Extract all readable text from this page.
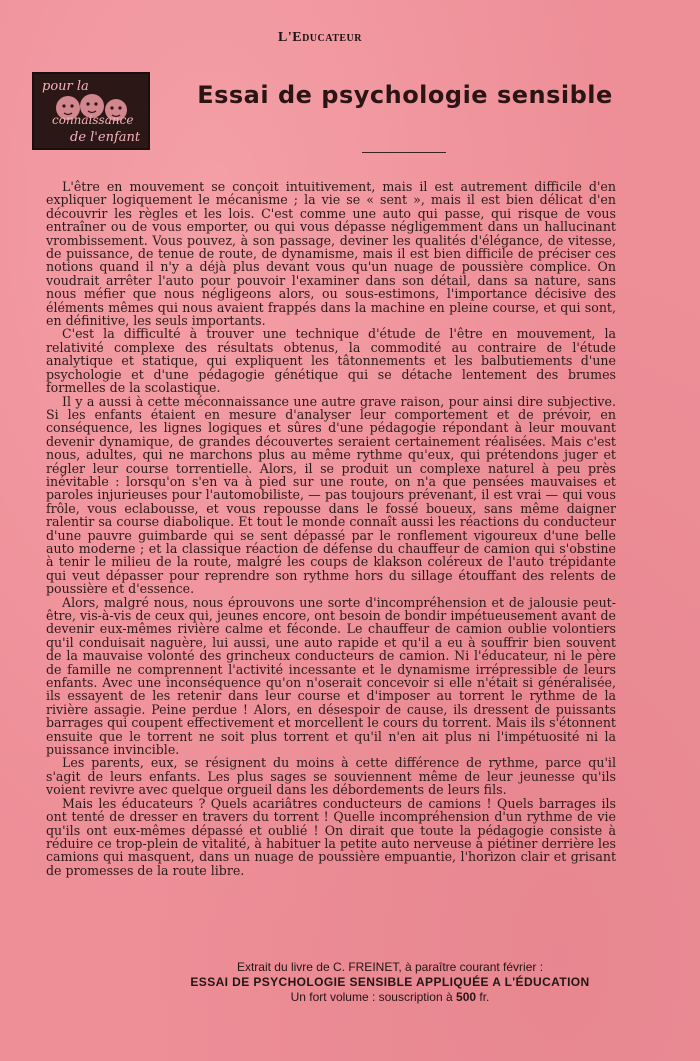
L'Educateur
pour la
connaissance
de l'enfant
Essai de psychologie sensible

L'être en mouvement se conçoit intuitivement, mais il est autrement difficile d'en expliquer logiquement le mécanisme ; la vie se « sent », mais il est bien délicat d'en découvrir les règles et les lois. C'est comme une auto qui passe, qui risque de vous entraîner ou de vous emporter, ou qui vous dépasse négligemment dans un hallucinant vrombissement. Vous pouvez, à son passage, deviner les qualités d'élégance, de vitesse, de puissance, de tenue de route, de dynamisme, mais il est bien difficile de préciser ces notions quand il n'y a déjà plus devant vous qu'un nuage de poussière complice. On voudrait arrêter l'auto pour pouvoir l'examiner dans son détail, dans sa nature, sans nous méfier que nous négligeons alors, ou sous-estimons, l'importance décisive des éléments mêmes qui nous avaient frappés dans la machine en pleine course, et qui sont, en définitive, les seuls importants.

C'est la difficulté à trouver une technique d'étude de l'être en mouvement, la relativité complexe des résultats obtenus, la commodité au contraire de l'étude analytique et statique, qui expliquent les tâtonnements et les balbutiements d'une psychologie et d'une pédagogie génétique qui se détache lentement des brumes formelles de la scolastique.

Il y a aussi à cette méconnaissance une autre grave raison, pour ainsi dire subjective. Si les enfants étaient en mesure d'analyser leur comportement et de prévoir, en conséquence, les lignes logiques et sûres d'une pédagogie répondant à leur mouvant devenir dynamique, de grandes découvertes seraient certainement réalisées. Mais c'est nous, adultes, qui ne marchons plus au même rythme qu'eux, qui prétendons juger et régler leur course torrentielle. Alors, il se produit un complexe naturel à peu près inévitable : lorsqu'on s'en va à pied sur une route, on n'a que pensées mauvaises et paroles injurieuses pour l'automobiliste, — pas toujours prévenant, il est vrai — qui vous frôle, vous eclabousse, et vous repousse dans le fossé boueux, sans même daigner ralentir sa course diabolique. Et tout le monde connaît aussi les réactions du conducteur d'une pauvre guimbarde qui se sent dépassé par le ronflement vigoureux d'une belle auto moderne ; et la classique réaction de défense du chauffeur de camion qui s'obstine à tenir le milieu de la route, malgré les coups de klakson coléreux de l'auto trépidante qui veut dépasser pour reprendre son rythme hors du sillage étouffant des relents de poussière et d'essence.

Alors, malgré nous, nous éprouvons une sorte d'incompréhension et de jalousie peut-être, vis-à-vis de ceux qui, jeunes encore, ont besoin de bondir impétueusement avant de devenir eux-mêmes rivière calme et féconde. Le chauffeur de camion oublie volontiers qu'il conduisait naguère, lui aussi, une auto rapide et qu'il a eu à souffrir bien souvent de la mauvaise volonté des grincheux conducteurs de camion. Ni l'éducateur, ni le père de famille ne comprennent l'activité incessante et le dynamisme irrépressible de leurs enfants. Avec une inconséquence qu'on n'oserait concevoir si elle n'était si généralisée, ils essayent de les retenir dans leur course et d'imposer au torrent le rythme de la rivière assagie. Peine perdue ! Alors, en désespoir de cause, ils dressent de puissants barrages qui coupent effectivement et morcellent le cours du torrent. Mais ils s'étonnent ensuite que le torrent ne soit plus torrent et qu'il n'en ait plus ni l'impétuosité ni la puissance invincible.

Les parents, eux, se résignent du moins à cette différence de rythme, parce qu'il s'agit de leurs enfants. Les plus sages se souviennent même de leur jeunesse qu'ils voient revivre avec quelque orgueil dans les débordements de leurs fils.

Mais les éducateurs ? Quels acariâtres conducteurs de camions ! Quels barrages ils ont tenté de dresser en travers du torrent ! Quelle incompréhension d'un rythme de vie qu'ils ont eux-mêmes dépassé et oublié ! On dirait que toute la pédagogie consiste à réduire ce trop-plein de vitalité, à habituer la petite auto nerveuse à piétiner derrière les camions qui masquent, dans un nuage de poussière empuantie, l'horizon clair et grisant de promesses de la route libre.

Extrait du livre de C. FREINET, à paraître courant février :
ESSAI DE PSYCHOLOGIE SENSIBLE APPLIQUÉE A L'ÉDUCATION
Un fort volume : souscription à 500 fr.
